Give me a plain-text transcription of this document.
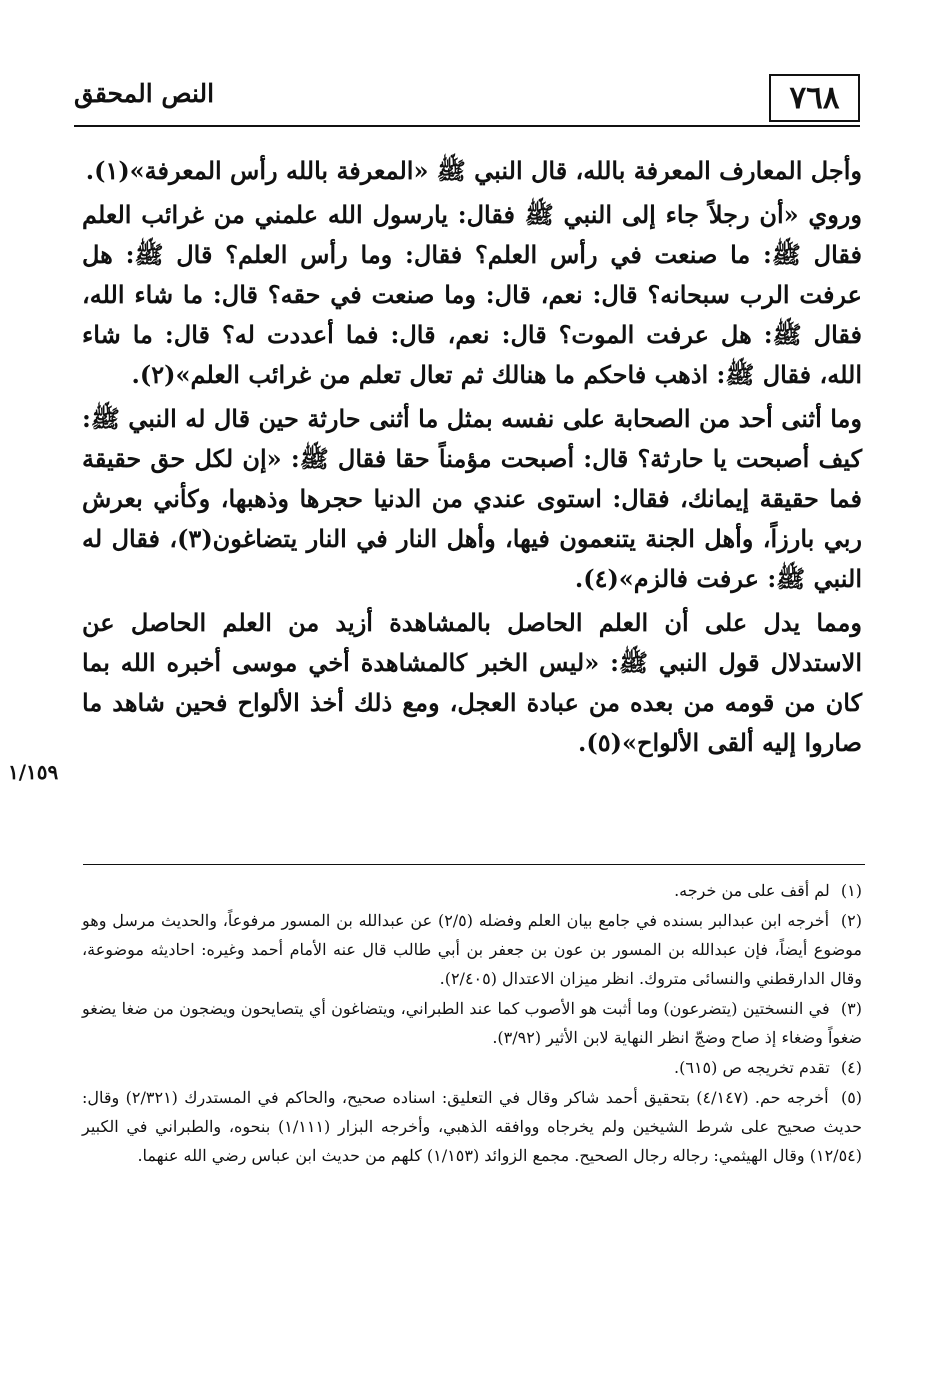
٧٦٨
النص المحقق
١/١٥٩

وأجل المعارف المعرفة بالله، قال النبي ﷺ «المعرفة بالله رأس المعرفة»(١).

وروي «أن رجلاً جاء إلى النبي ﷺ فقال: يارسول الله علمني من غرائب العلم فقال ﷺ: ما صنعت في رأس العلم؟ فقال: وما رأس العلم؟ قال ﷺ: هل عرفت الرب سبحانه؟ قال: نعم، قال: وما صنعت في حقه؟ قال: ما شاء الله، فقال ﷺ: هل عرفت الموت؟ قال: نعم، قال: فما أعددت له؟ قال: ما شاء الله، فقال ﷺ: اذهب فاحكم ما هنالك ثم تعال تعلم من غرائب العلم»(٢).

وما أثنى أحد من الصحابة على نفسه بمثل ما أثنى حارثة حين قال له النبي ﷺ: كيف أصبحت يا حارثة؟ قال: أصبحت مؤمناً حقا فقال ﷺ: «إن لكل حق حقيقة فما حقيقة إيمانك، فقال: استوى عندي من الدنيا حجرها وذهبها، وكأني بعرش ربي بارزاً، وأهل الجنة يتنعمون فيها، وأهل النار في النار يتضاغون(٣)، فقال له النبي ﷺ: عرفت فالزم»(٤).

ومما يدل على أن العلم الحاصل بالمشاهدة أزيد من العلم الحاصل عن الاستدلال قول النبي ﷺ: «ليس الخبر كالمشاهدة أخي موسى أخبره الله بما كان من قومه من بعده من عبادة العجل، ومع ذلك أخذ الألواح فحين شاهد ما صاروا إليه ألقى الألواح»(٥).

(١) لم أقف على من خرجه.

(٢) أخرجه ابن عبدالبر بسنده في جامع بيان العلم وفضله (٢/٥) عن عبدالله بن المسور مرفوعاً، والحديث مرسل وهو موضوع أيضاً، فإن عبدالله بن المسور بن عون بن جعفر بن أبي طالب قال عنه الأمام أحمد وغيره: احاديثه موضوعة، وقال الدارقطني والنسائى متروك. انظر ميزان الاعتدال (٢/٤٠٥).

(٣) في النسختين (يتضرعون) وما أثبت هو الأصوب كما عند الطبراني، ويتضاغون أي يتصايحون ويضجون من ضغا يضغو ضغواً وضغاء إذ صاح وضجّ انظر النهاية لابن الأثير (٣/٩٢).

(٤) تقدم تخريجه ص (٦١٥).

(٥) أخرجه حم. (٤/١٤٧) بتحقيق أحمد شاكر وقال في التعليق: اسناده صحيح، والحاكم في المستدرك (٢/٣٢١) وقال: حديث صحيح على شرط الشيخين ولم يخرجاه ووافقه الذهبي، وأخرجه البزار (١/١١١) بنحوه، والطبراني في الكبير (١٢/٥٤) وقال الهيثمي: رجاله رجال الصحيح. مجمع الزوائد (١/١٥٣) كلهم من حديث ابن عباس رضي الله عنهما.
